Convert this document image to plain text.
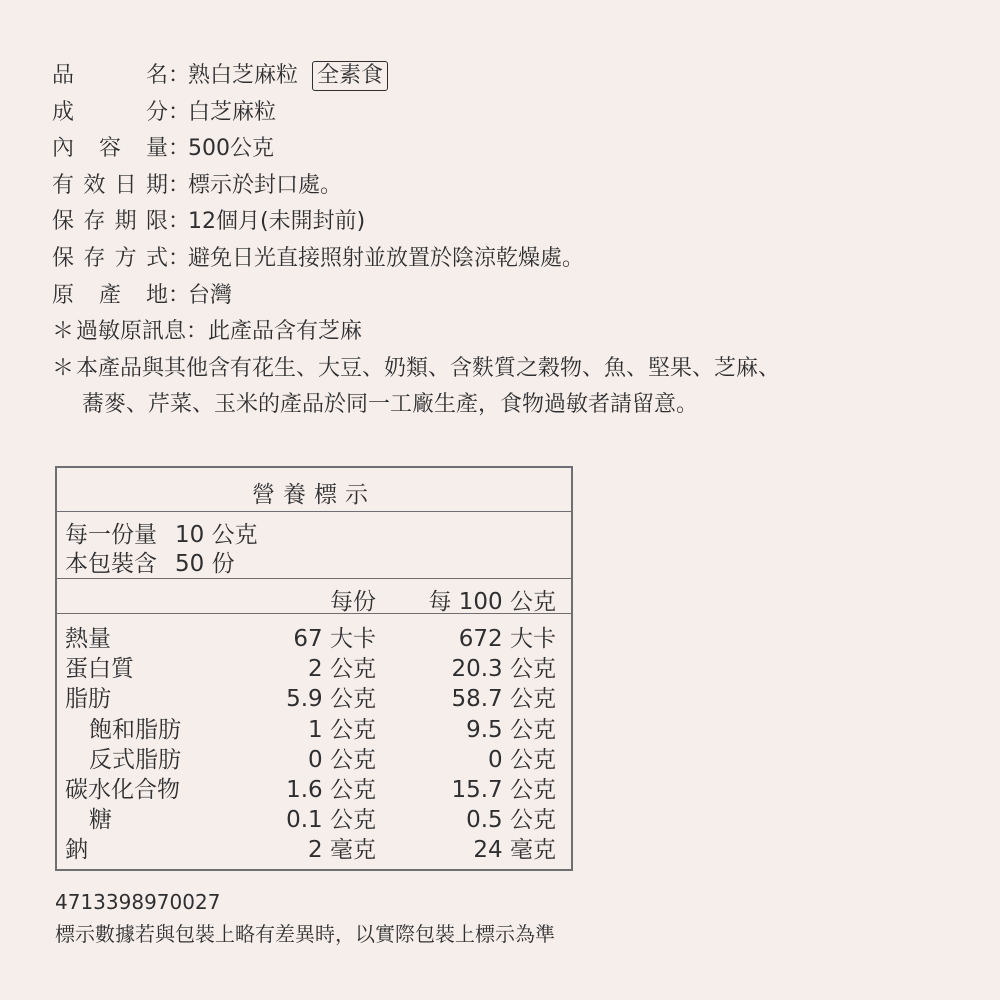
品	名 ：
熟白芝麻粒 全素食
成	分 ：
白芝麻粒
內 容 量 ：
500公克
有 效 日 期 ：
標示於封口處。
保 存 期 限 ：
12個月(未開封前)
保 存 方 式 ：
避免日光直接照射並放置於陰涼乾燥處。
原 產 地 ：
台灣
＊ 過敏原訊息：此產品含有芝麻
＊ 本產品與其他含有花生、大豆、奶類、含麩質之穀物、魚、堅果、芝麻、
蕎麥、芹菜、玉米的產品於同一工廠生產，食物過敏者請留意。
營養標示
每一份量 10 公克
本包裝含 50 份
每份 每 100 公克
熱量	67 大卡	672 大卡
蛋白質	2 公克	20.3 公克
脂肪	5.9 公克	58.7 公克
飽和脂肪	1 公克	9.5 公克
反式脂肪	0 公克	0 公克
碳水化合物	1.6 公克	15.7 公克
糖	0.1 公克	0.5 公克
鈉	2 毫克	24 毫克
4713398970027
標示數據若與包裝上略有差異時，以實際包裝上標示為準
